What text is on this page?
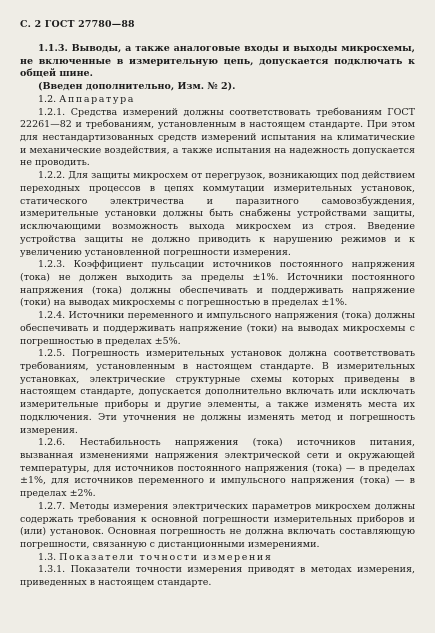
С. 2 ГОСТ 27780—88

1.1.3. Выводы, а также аналоговые входы и выходы микросхемы, не включенные в измерительную цепь, допускается подключать к общей шине.

(Введен дополнительно, Изм. № 2).

1.2. Аппаратура

1.2.1. Средства измерений должны соответствовать требованиям ГОСТ 22261—82 и требованиям, установленным в настоящем стандарте. При этом для нестандартизованных средств измерений испытания на климатические и механические воздействия, а также испытания на надежность допускается не проводить.

1.2.2. Для защиты микросхем от перегрузок, возникающих под действием переходных процессов в цепях коммутации измерительных установок, статического электричества и паразитного самовозбуждения, измерительные установки должны быть снабжены устройствами защиты, исключающими возможность выхода микросхем из строя. Введение устройства защиты не должно приводить к нарушению режимов и к увеличению установленной погрешности измерения.

1.2.3. Коэффициент пульсации источников постоянного напряжения (тока) не должен выходить за пределы ±1%. Источники постоянного напряжения (тока) должны обеспечивать и поддерживать напряжение (токи) на выводах микросхемы с погрешностью в пределах ±1%.

1.2.4. Источники переменного и импульсного напряжения (тока) должны обеспечивать и поддерживать напряжение (токи) на выводах микросхемы с погрешностью в пределах ±5%.

1.2.5. Погрешность измерительных установок должна соответствовать требованиям, установленным в настоящем стандарте. В измерительных установках, электрические структурные схемы которых приведены в настоящем стандарте, допускается дополнительно включать или исключать измерительные приборы и другие элементы, а также изменять места их подключения. Эти уточнения не должны изменять метод и погрешность измерения.

1.2.6. Нестабильность напряжения (тока) источников питания, вызванная изменениями напряжения электрической сети и окружающей температуры, для источников постоянного напряжения (тока) — в пределах ±1%, для источников переменного и импульсного напряжения (тока) — в пределах ±2%.

1.2.7. Методы измерения электрических параметров микросхем должны содержать требования к основной погрешности измерительных приборов и (или) установок. Основная погрешность не должна включать составляющую погрешности, связанную с дистанционными измерениями.

1.3. Показатели точности измерения

1.3.1. Показатели точности измерения приводят в методах измерения, приведенных в настоящем стандарте.
